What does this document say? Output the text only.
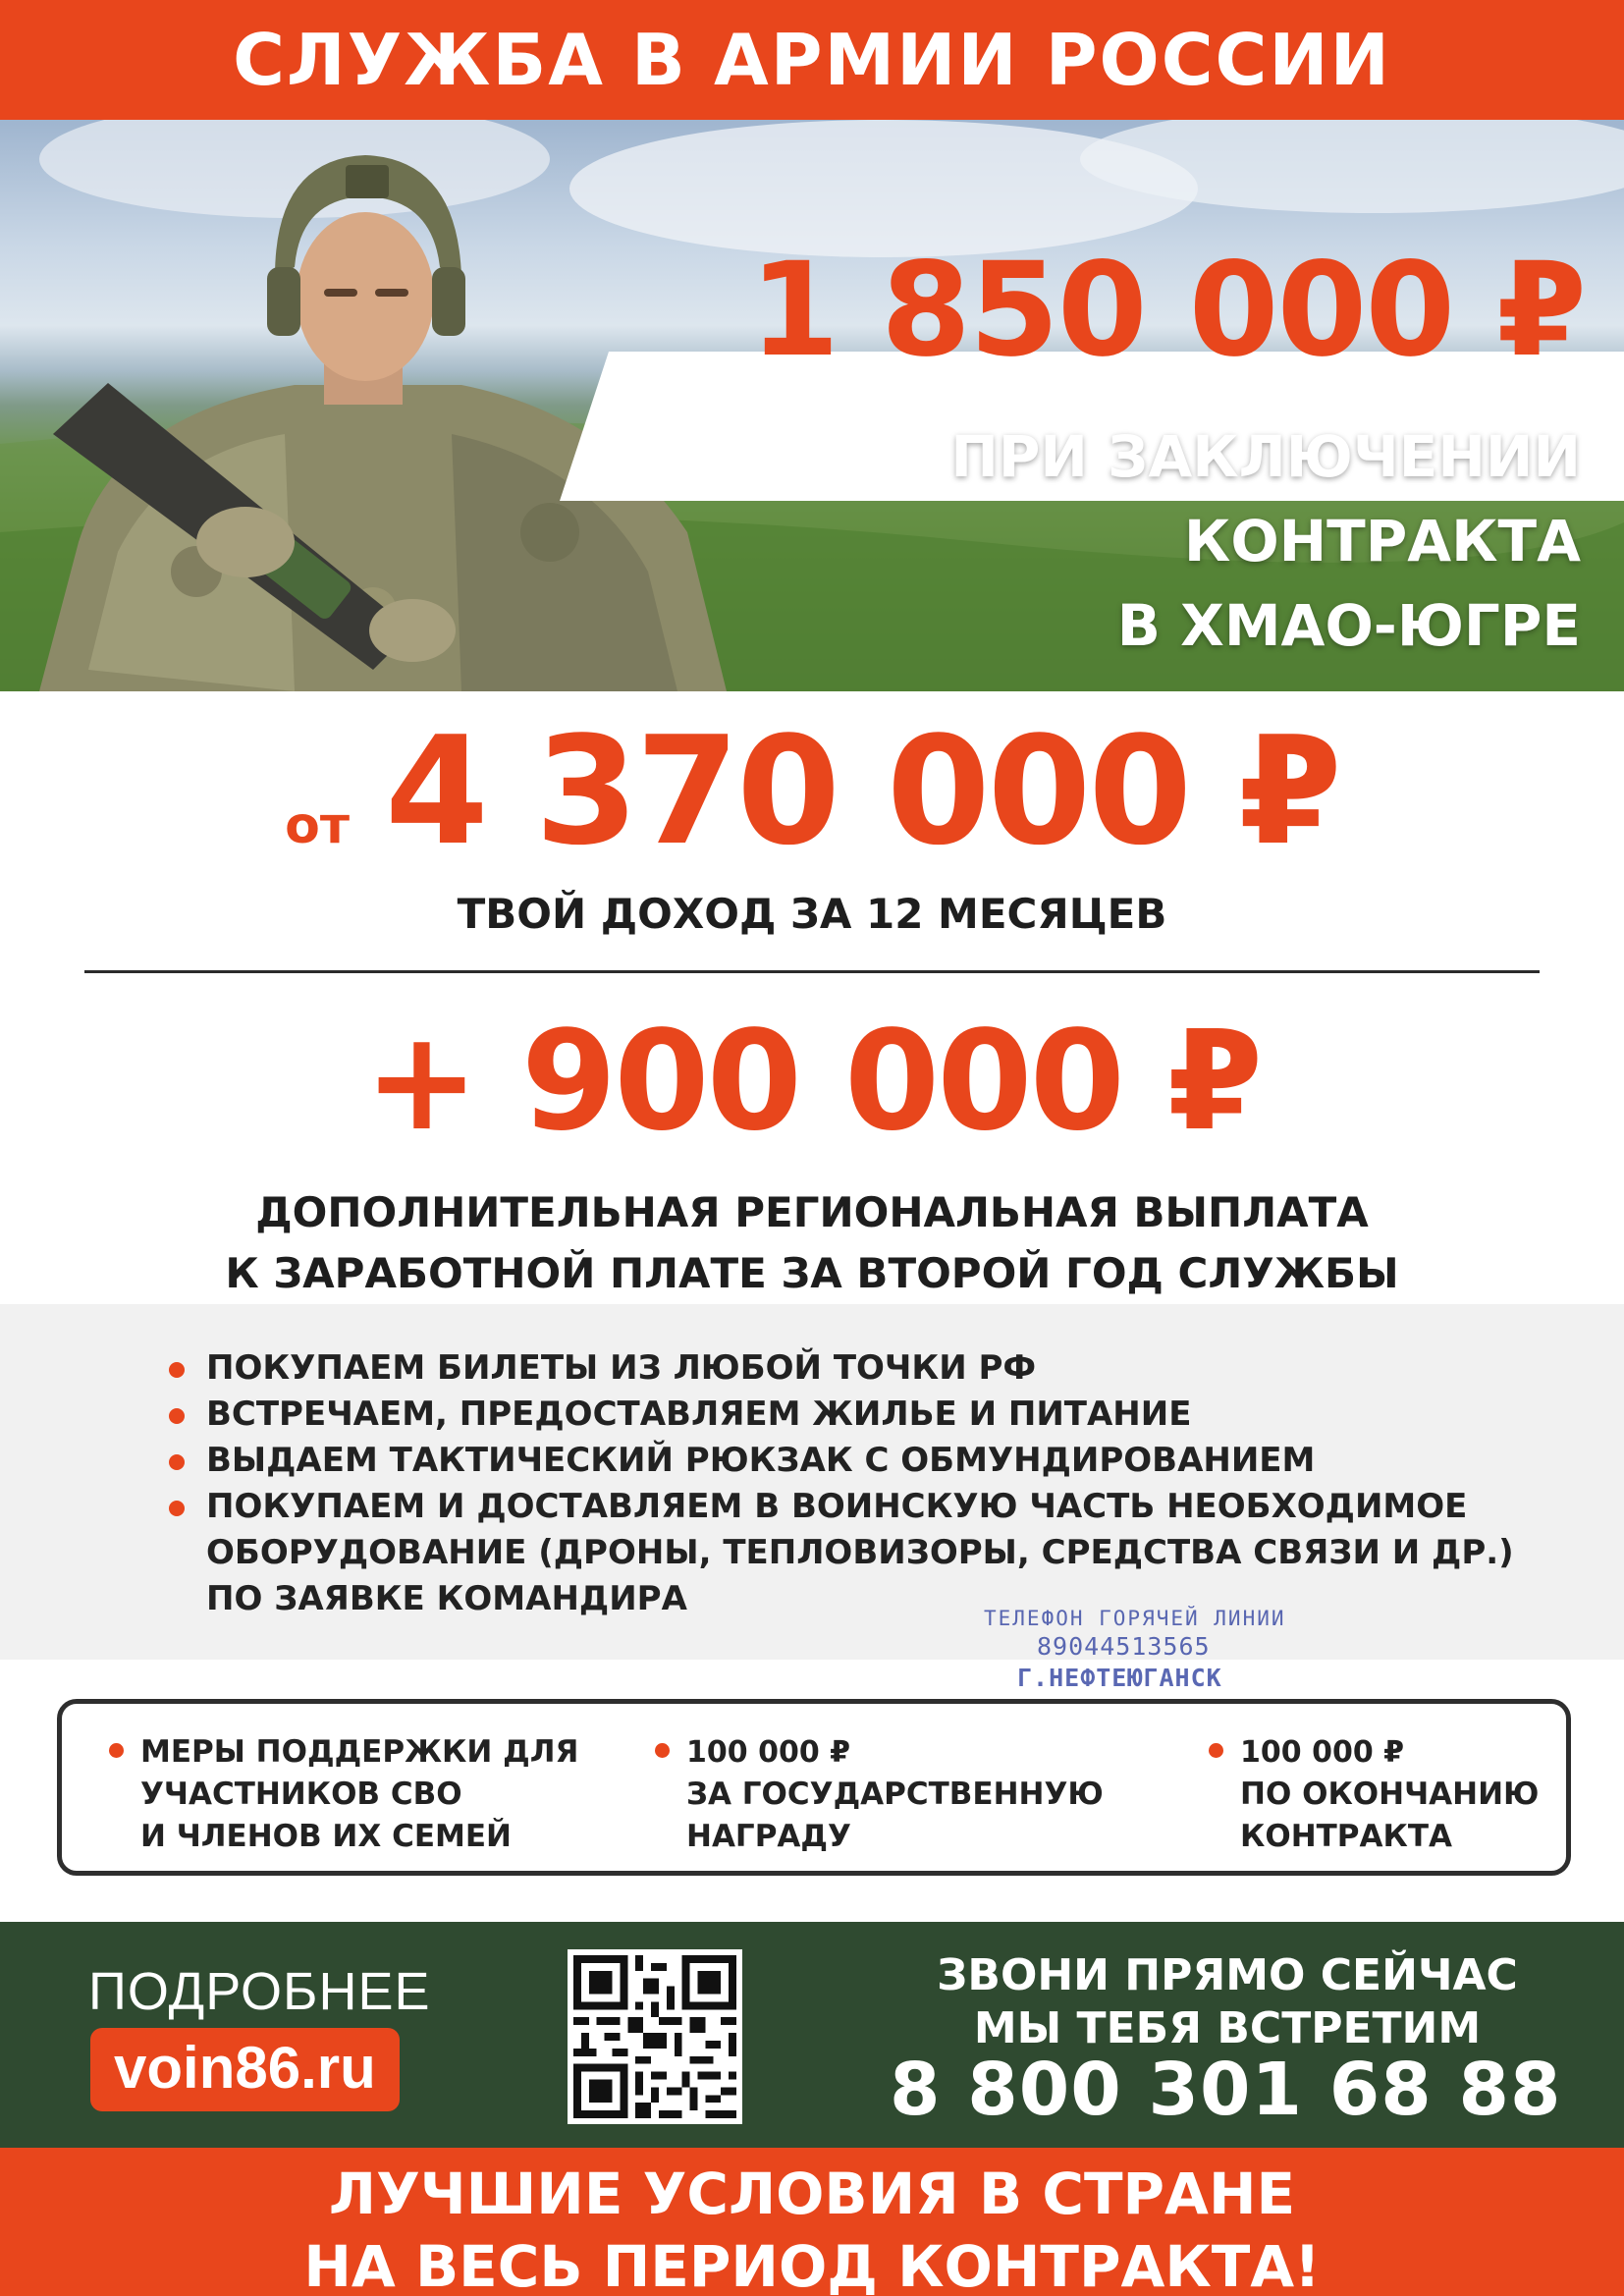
СЛУЖБА В АРМИИ РОССИИ
1 850 000 ₽
ПРИ ЗАКЛЮЧЕНИИ
КОНТРАКТА
В ХМАО-ЮГРЕ
от 4 370 000 ₽
ТВОЙ ДОХОД ЗА 12 МЕСЯЦЕВ
+ 900 000 ₽
ДОПОЛНИТЕЛЬНАЯ РЕГИОНАЛЬНАЯ ВЫПЛАТА
К ЗАРАБОТНОЙ ПЛАТЕ ЗА ВТОРОЙ ГОД СЛУЖБЫ
ПОКУПАЕМ БИЛЕТЫ ИЗ ЛЮБОЙ ТОЧКИ РФ
ВСТРЕЧАЕМ, ПРЕДОСТАВЛЯЕМ ЖИЛЬЕ И ПИТАНИЕ
ВЫДАЕМ ТАКТИЧЕСКИЙ РЮКЗАК С ОБМУНДИРОВАНИЕМ
ПОКУПАЕМ И ДОСТАВЛЯЕМ В ВОИНСКУЮ ЧАСТЬ НЕОБХОДИМОЕ
ОБОРУДОВАНИЕ (ДРОНЫ, ТЕПЛОВИЗОРЫ, СРЕДСТВА СВЯЗИ И ДР.)
ПО ЗАЯВКЕ КОМАНДИРА	ТЕЛЕФОН ГОРЯЧЕЙ ЛИНИИ
89044513565
Г.НЕФТЕЮГАНСК
МЕРЫ ПОДДЕРЖКИ ДЛЯ
УЧАСТНИКОВ СВО
И ЧЛЕНОВ ИХ СЕМЕЙ
100 000 ₽
ЗА ГОСУДАРСТВЕННУЮ
НАГРАДУ
100 000 ₽
ПО ОКОНЧАНИЮ
КОНТРАКТА
ПОДРОБНЕЕ
voin86.ru
ЗВОНИ ПРЯМО СЕЙЧАС
МЫ ТЕБЯ ВСТРЕТИМ
8 800 301 68 88
ЛУЧШИЕ УСЛОВИЯ В СТРАНЕ
НА ВЕСЬ ПЕРИОД КОНТРАКТА!
